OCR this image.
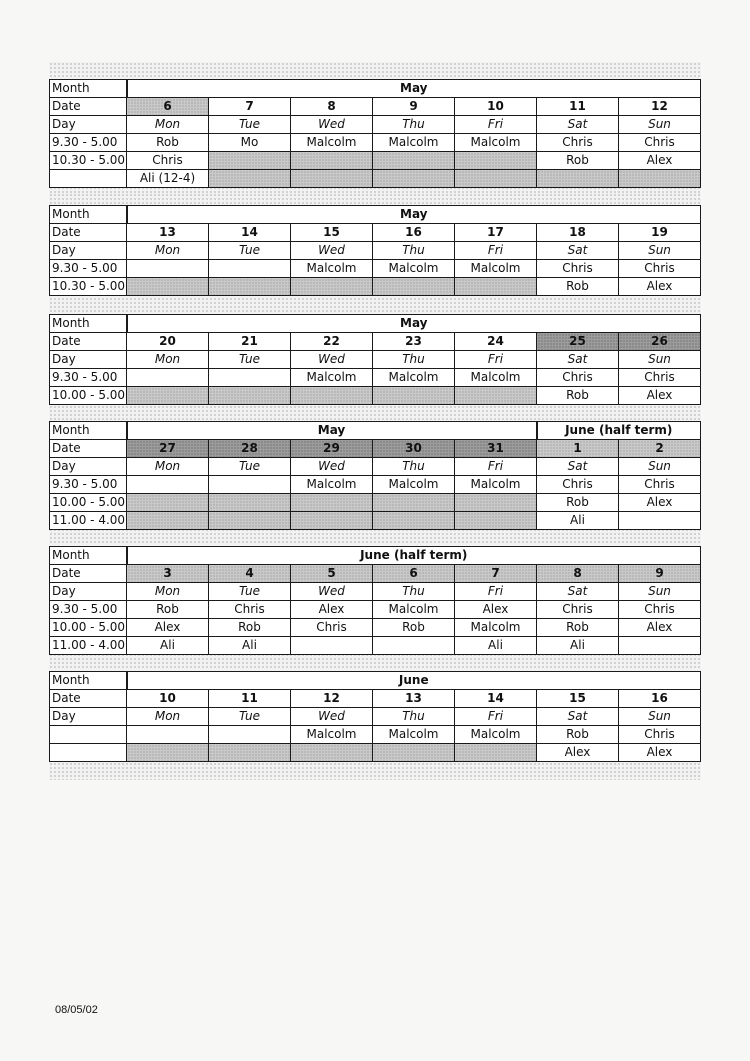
Month	May						
Date	6	7	8	9	10	11	12
Day	Mon	Tue	Wed	Thu	Fri	Sat	Sun
9.30 - 5.00	Rob	Mo	Malcolm	Malcolm	Malcolm	Chris	Chris
10.30 - 5.00	Chris					Rob	Alex
	Ali (12-4)						
Month	May						
Date	13	14	15	16	17	18	19
Day	Mon	Tue	Wed	Thu	Fri	Sat	Sun
9.30 - 5.00			Malcolm	Malcolm	Malcolm	Chris	Chris
10.30 - 5.00						Rob	Alex
Month	May						
Date	20	21	22	23	24	25	26
Day	Mon	Tue	Wed	Thu	Fri	Sat	Sun
9.30 - 5.00			Malcolm	Malcolm	Malcolm	Chris	Chris
10.00 - 5.00						Rob	Alex
Month	May					June (half term)	
Date	27	28	29	30	31	1	2
Day	Mon	Tue	Wed	Thu	Fri	Sat	Sun
9.30 - 5.00			Malcolm	Malcolm	Malcolm	Chris	Chris
10.00 - 5.00						Rob	Alex
11.00 - 4.00						Ali	
Month	June (half term)						
Date	3	4	5	6	7	8	9
Day	Mon	Tue	Wed	Thu	Fri	Sat	Sun
9.30 - 5.00	Rob	Chris	Alex	Malcolm	Alex	Chris	Chris
10.00 - 5.00	Alex	Rob	Chris	Rob	Malcolm	Rob	Alex
11.00 - 4.00	Ali	Ali			Ali	Ali	
Month	June						
Date	10	11	12	13	14	15	16
Day	Mon	Tue	Wed	Thu	Fri	Sat	Sun
			Malcolm	Malcolm	Malcolm	Rob	Chris
						Alex	Alex
08/05/02
